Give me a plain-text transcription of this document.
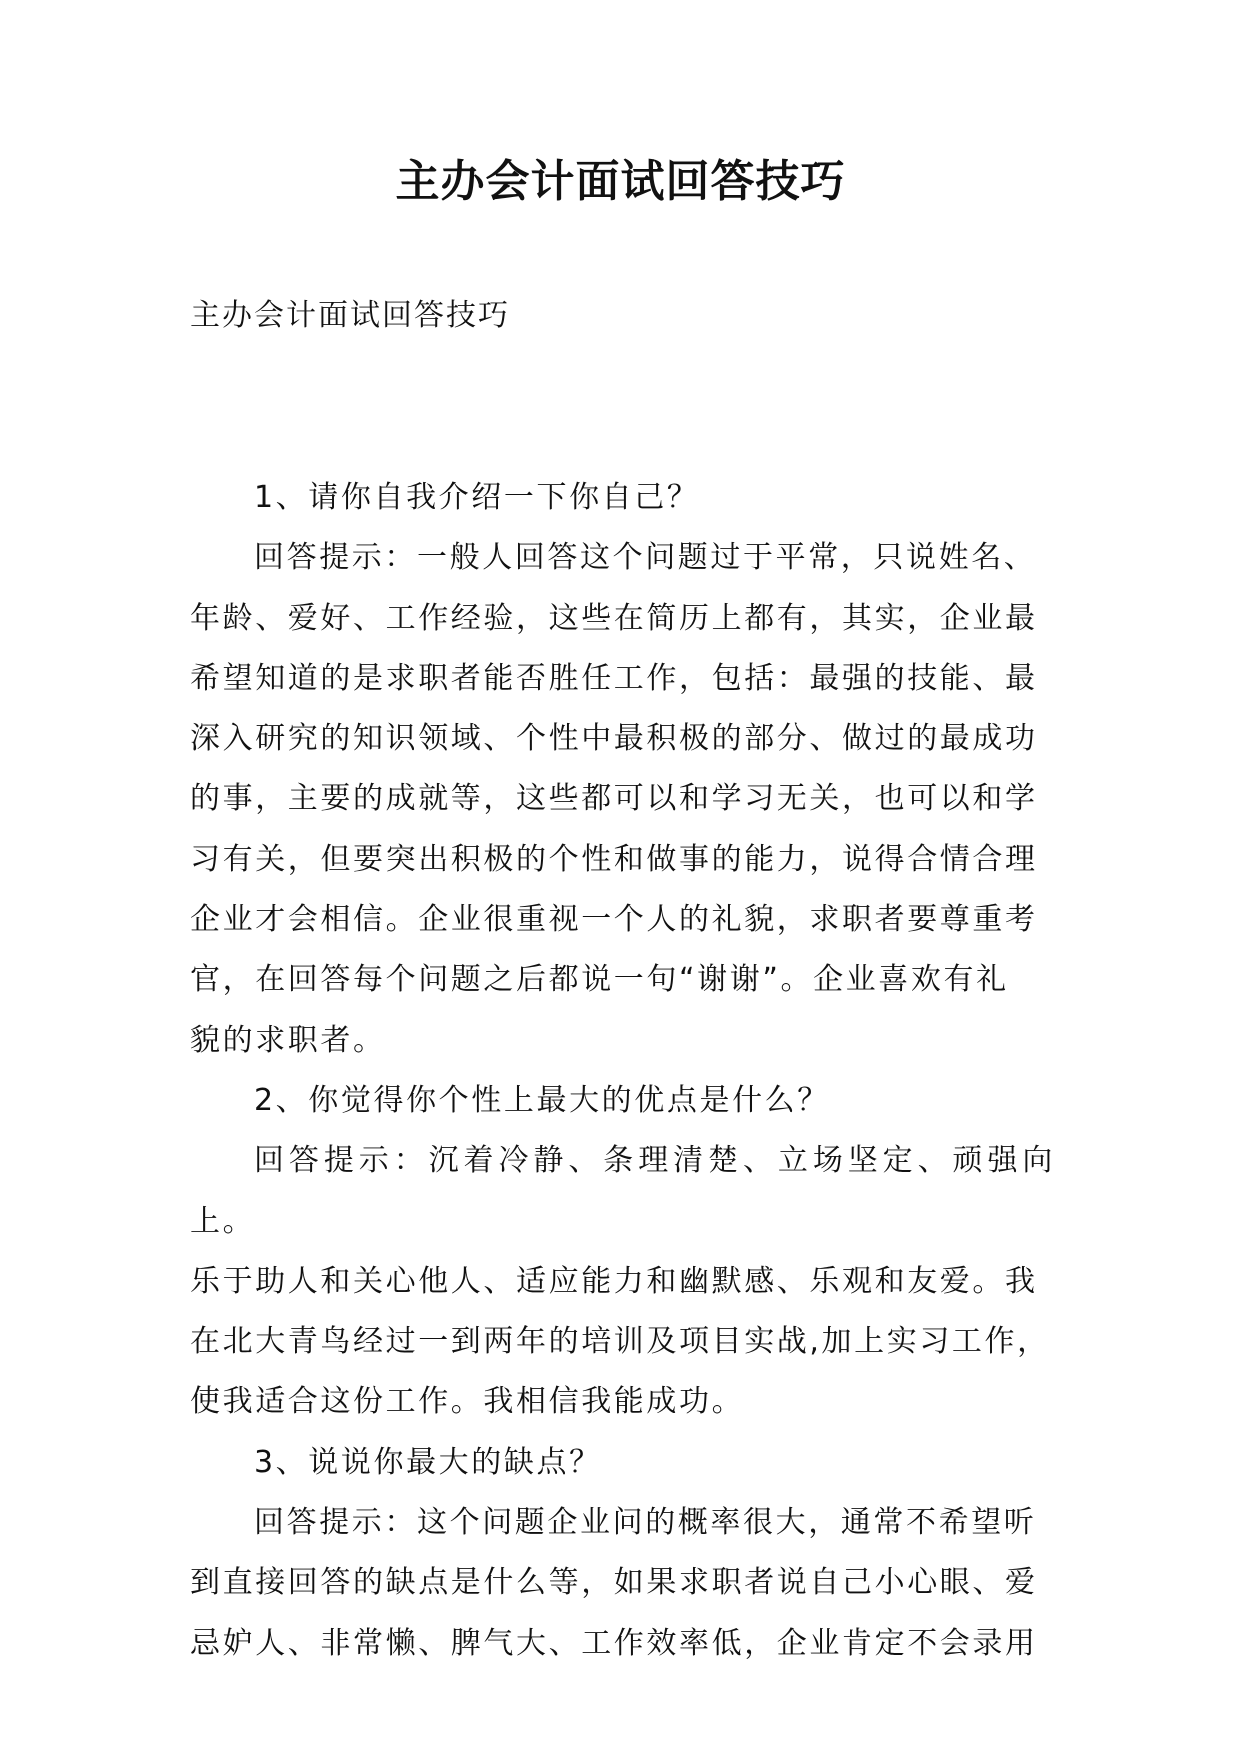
主办会计面试回答技巧
主办会计面试回答技巧

1、请你自我介绍一下你自己？

回答提示：一般人回答这个问题过于平常，只说姓名、
年龄、爱好、工作经验，这些在简历上都有，其实，企业最
希望知道的是求职者能否胜任工作，包括：最强的技能、最
深入研究的知识领域、个性中最积极的部分、做过的最成功
的事，主要的成就等，这些都可以和学习无关，也可以和学
习有关，但要突出积极的个性和做事的能力，说得合情合理
企业才会相信。企业很重视一个人的礼貌，求职者要尊重考
官，在回答每个问题之后都说一句“谢谢”。企业喜欢有礼
貌的求职者。

2、你觉得你个性上最大的优点是什么？

回答提示：沉着冷静、条理清楚、立场坚定、顽强向上。
乐于助人和关心他人、适应能力和幽默感、乐观和友爱。我
在北大青鸟经过一到两年的培训及项目实战,加上实习工作，
使我适合这份工作。我相信我能成功。

3、说说你最大的缺点？

回答提示：这个问题企业问的概率很大，通常不希望听
到直接回答的缺点是什么等，如果求职者说自己小心眼、爱
忌妒人、非常懒、脾气大、工作效率低，企业肯定不会录用
